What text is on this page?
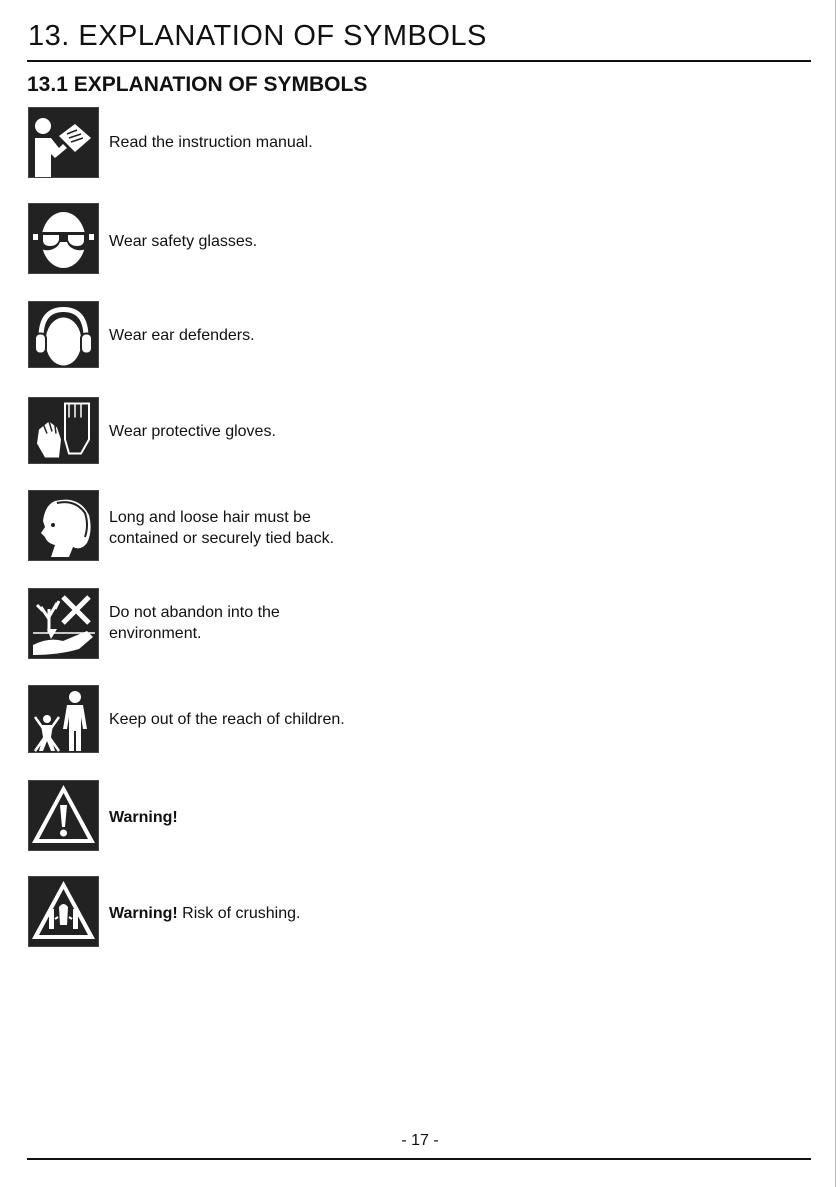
13. EXPLANATION OF SYMBOLS
13.1 EXPLANATION OF SYMBOLS
Read the instruction manual.
Wear safety glasses.
Wear ear defenders.
Wear protective gloves.
Long and loose hair must be
contained or securely tied back.
Do not abandon into the
environment.
Keep out of the reach of children.
Warning!
Warning! Risk of crushing.
- 17 -
